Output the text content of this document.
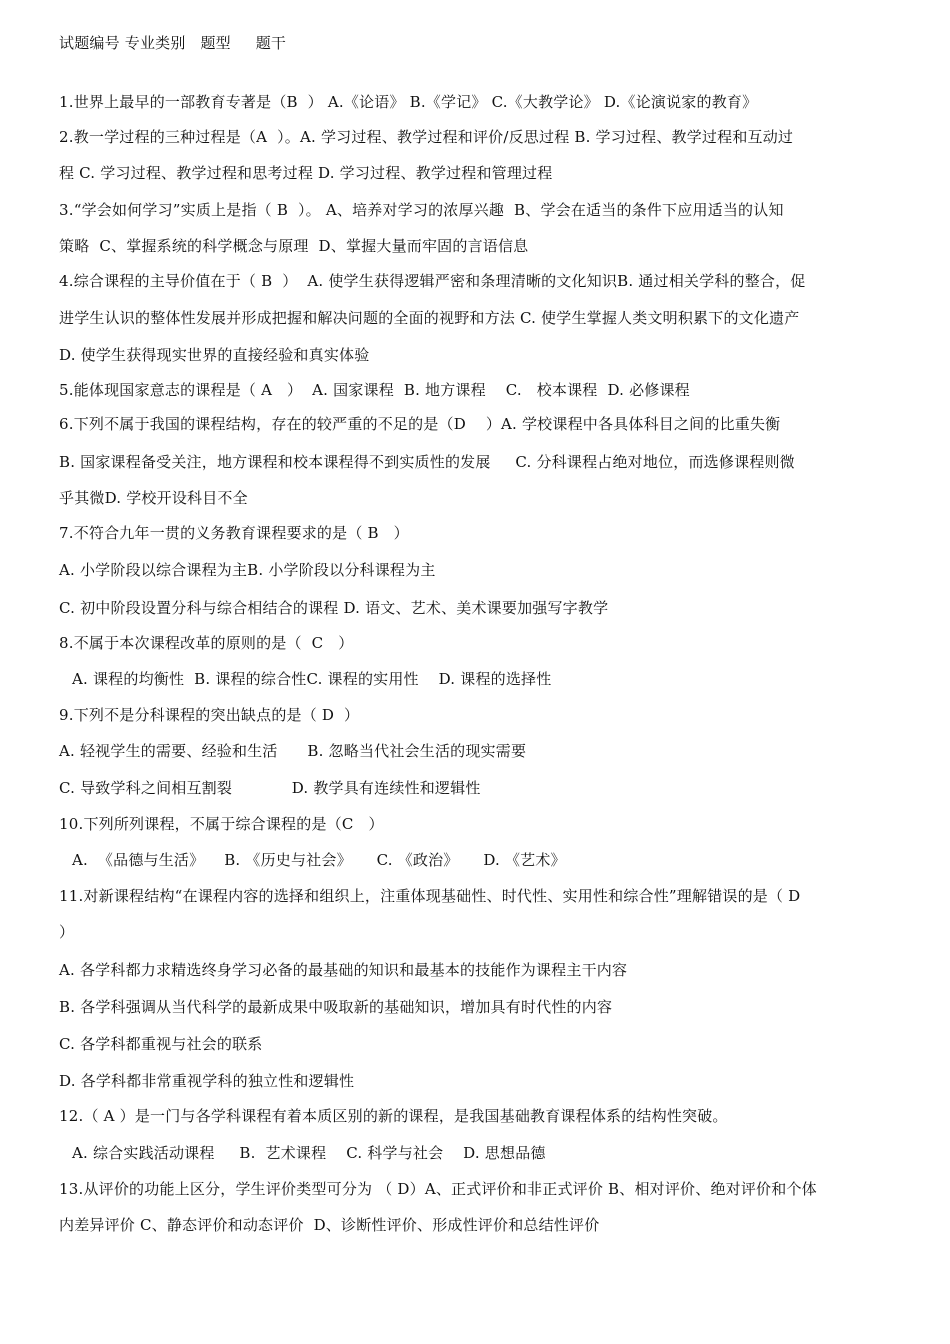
试题编号 专业类别   题型     题干
1.世界上最早的一部教育专著是（B  ） A.《论语》 B.《学记》 C.《大教学论》 D.《论演说家的教育》
2.教一学过程的三种过程是（A  ）。A. 学习过程、教学过程和评价/反思过程 B. 学习过程、教学过程和互动过
程 C. 学习过程、教学过程和思考过程 D. 学习过程、教学过程和管理过程
3.“学会如何学习”实质上是指（ B  ）。 A、培养对学习的浓厚兴趣  B、学会在适当的条件下应用适当的认知
策略  C、掌握系统的科学概念与原理  D、掌握大量而牢固的言语信息
4.综合课程的主导价值在于（ B  ）  A. 使学生获得逻辑严密和条理清晰的文化知识B. 通过相关学科的整合，促
进学生认识的整体性发展并形成把握和解决问题的全面的视野和方法 C. 使学生掌握人类文明积累下的文化遗产
D. 使学生获得现实世界的直接经验和真实体验
5.能体现国家意志的课程是（ A   ）  A. 国家课程  B. 地方课程    C.   校本课程  D. 必修课程
6.下列不属于我国的课程结构，存在的较严重的不足的是（D    ）A. 学校课程中各具体科目之间的比重失衡
B. 国家课程备受关注，地方课程和校本课程得不到实质性的发展     C. 分科课程占绝对地位，而选修课程则微
乎其微D. 学校开设科目不全
7.不符合九年一贯的义务教育课程要求的是（ B   ）
A. 小学阶段以综合课程为主B. 小学阶段以分科课程为主
C. 初中阶段设置分科与综合相结合的课程 D. 语文、艺术、美术课要加强写字教学
8.不属于本次课程改革的原则的是（  C   ）
A. 课程的均衡性  B. 课程的综合性C. 课程的实用性    D. 课程的选择性
9.下列不是分科课程的突出缺点的是（ D  ）
A. 轻视学生的需要、经验和生活      B. 忽略当代社会生活的现实需要
C. 导致学科之间相互割裂            D. 教学具有连续性和逻辑性
10.下列所列课程，不属于综合课程的是（C   ）
A.  《品德与生活》    B. 《历史与社会》     C. 《政治》     D. 《艺术》
11.对新课程结构“在课程内容的选择和组织上，注重体现基础性、时代性、实用性和综合性”理解错误的是（ D
）
A. 各学科都力求精选终身学习必备的最基础的知识和最基本的技能作为课程主干内容
B. 各学科强调从当代科学的最新成果中吸取新的基础知识，增加具有时代性的内容
C. 各学科都重视与社会的联系
D. 各学科都非常重视学科的独立性和逻辑性
12.（ A ）是一门与各学科课程有着本质区别的新的课程，是我国基础教育课程体系的结构性突破。
A. 综合实践活动课程     B.  艺术课程    C. 科学与社会    D. 思想品德
13.从评价的功能上区分，学生评价类型可分为 （ D）A、正式评价和非正式评价 B、相对评价、绝对评价和个体
内差异评价 C、静态评价和动态评价  D、诊断性评价、形成性评价和总结性评价
